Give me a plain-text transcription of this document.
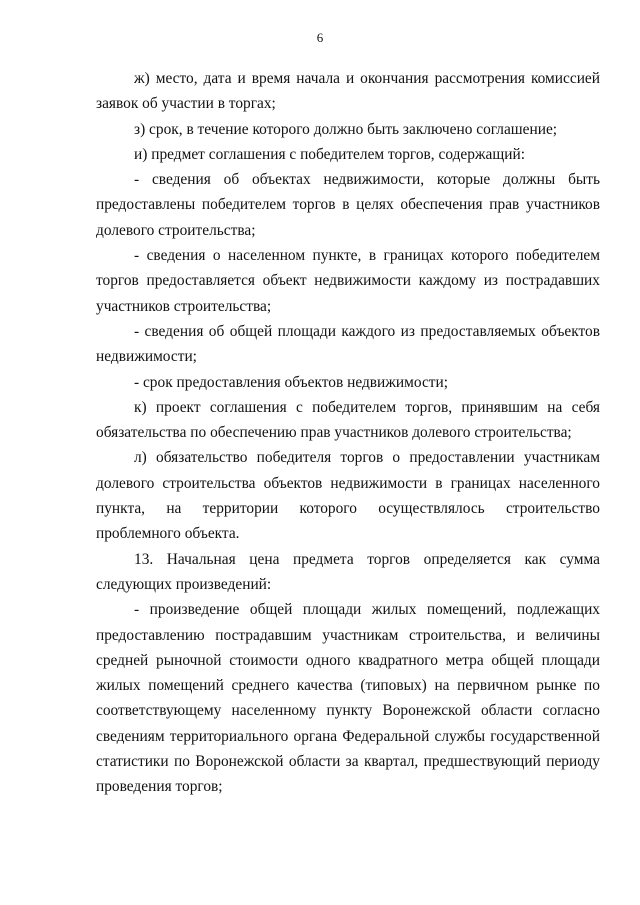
6

ж) место, дата и время начала и окончания рассмотрения комиссией заявок об участии в торгах;

з) срок, в течение которого должно быть заключено соглашение;

и) предмет соглашения с победителем торгов, содержащий:

- сведения об объектах недвижимости, которые должны быть предоставлены победителем торгов в целях обеспечения прав участников долевого строительства;

- сведения о населенном пункте, в границах которого победителем торгов предоставляется объект недвижимости каждому из пострадавших участников строительства;

- сведения об общей площади каждого из предоставляемых объектов недвижимости;

- срок предоставления объектов недвижимости;

к) проект соглашения с победителем торгов, принявшим на себя обязательства по обеспечению прав участников долевого строительства;

л) обязательство победителя торгов о предоставлении участникам долевого строительства объектов недвижимости в границах населенного пункта, на территории которого осуществлялось строительство проблемного объекта.

13. Начальная цена предмета торгов определяется как сумма следующих произведений:

- произведение общей площади жилых помещений, подлежащих предоставлению пострадавшим участникам строительства, и величины средней рыночной стоимости одного квадратного метра общей площади жилых помещений среднего качества (типовых) на первичном рынке по соответствующему населенному пункту Воронежской области согласно сведениям территориального органа Федеральной службы государственной статистики по Воронежской области за квартал, предшествующий периоду проведения торгов;
